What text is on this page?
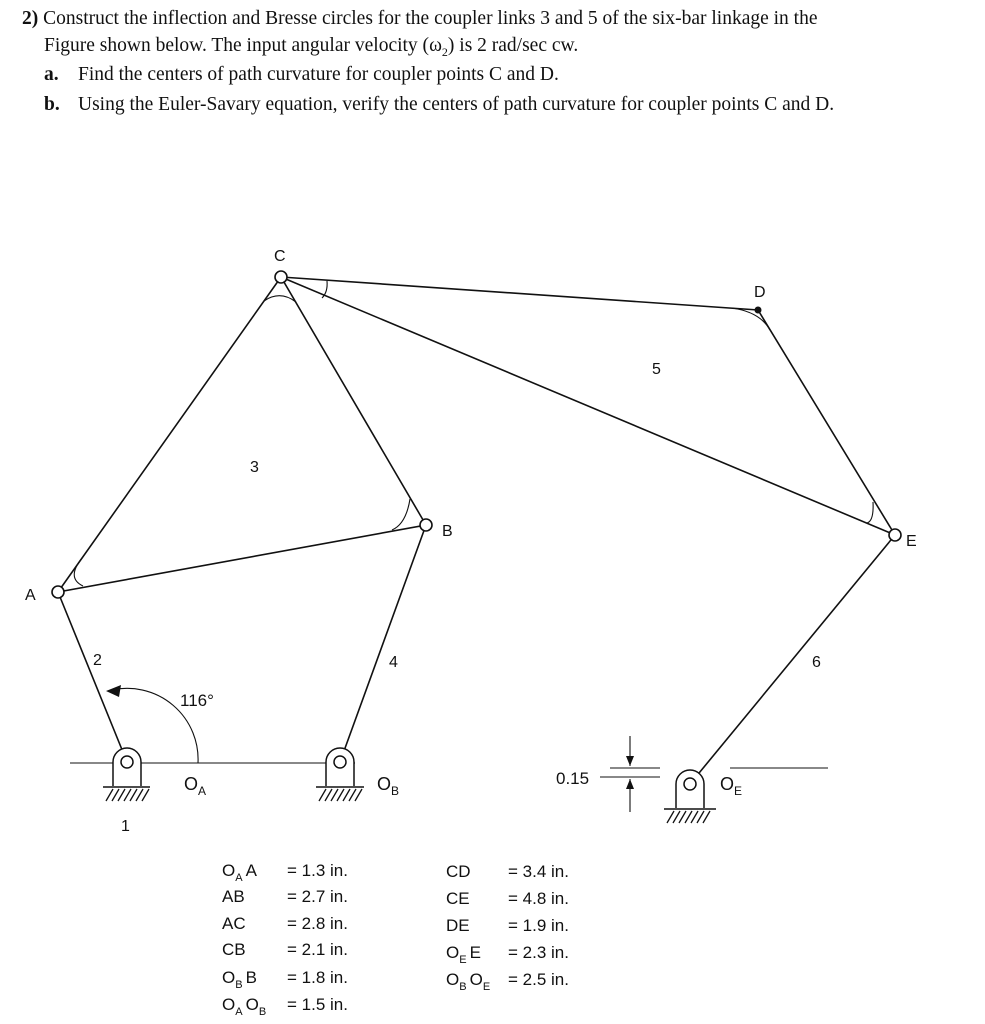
2) Construct the inflection and Bresse circles for the coupler links 3 and 5 of the six-bar linkage in the
Figure shown below. The input angular velocity $(\omega_2)$ is 2 rad/sec cw.
a. Find the centers of path curvature for coupler points C and D.
b. Using the Euler-Savary equation, verify the centers of path curvature for coupler points C and D.
C
D
B
E
A
3
5
2	4	6
1
116°
0.15
$O_A$	$O_B$	$O_E$
$O_A$ A = 1.3 in.
AB = 2.7 in.
AC = 2.8 in.
CB = 2.1 in.
$O_B$ B = 1.8 in.
$O_A$ $O_B = 1.5$ in.
CD = 3.4 in.
CE = 4.8 in.
DE = 1.9 in.
$O_E$ E = 2.3 in.
$O_B$ $O_E = 2.5$ in.
